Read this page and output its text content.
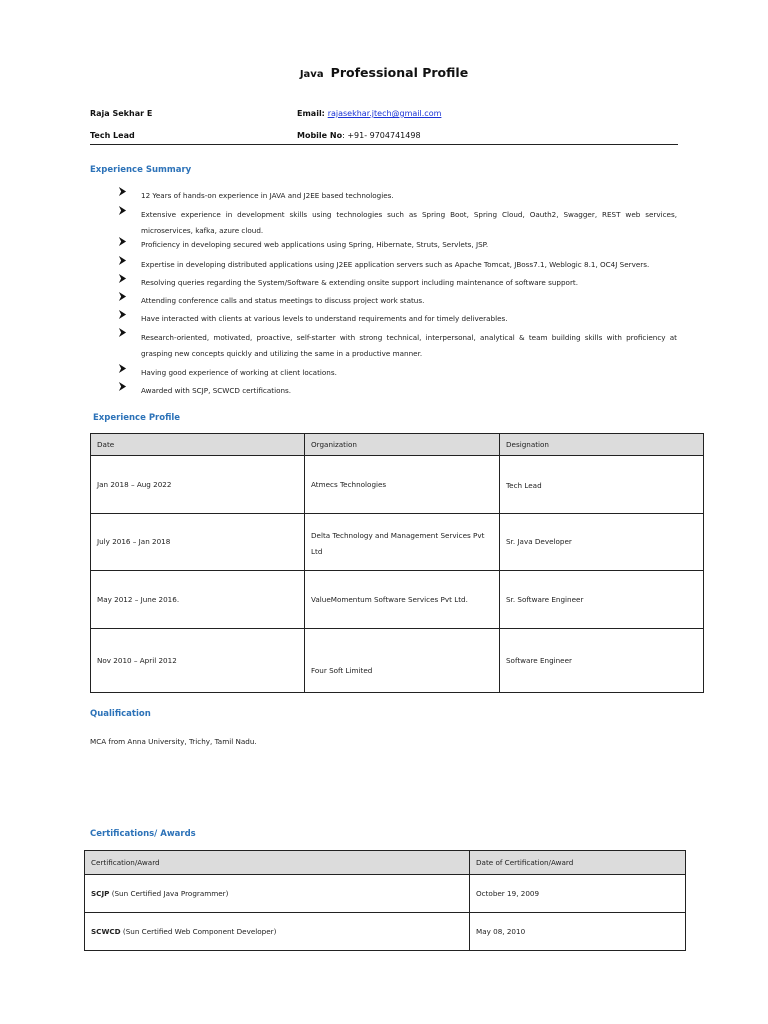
Java Professional Profile
Raja Sekhar E
Tech Lead
Email: rajasekhar.jtech@gmail.com
Mobile No: +91- 9704741498
Experience Summary
12 Years of hands-on experience in JAVA and J2EE based technologies.
Extensive experience in development skills using technologies such as Spring Boot, Spring Cloud, Oauth2, Swagger, REST web services, microservices, kafka, azure cloud.
Proficiency in developing secured web applications using Spring, Hibernate, Struts, Servlets, JSP.
Expertise in developing distributed applications using J2EE application servers such as Apache Tomcat, JBoss7.1, Weblogic 8.1, OC4J Servers.
Resolving queries regarding the System/Software & extending onsite support including maintenance of software support.
Attending conference calls and status meetings to discuss project work status.
Have interacted with clients at various levels to understand requirements and for timely deliverables.
Research-oriented, motivated, proactive, self-starter with strong technical, interpersonal, analytical & team building skills with proficiency at grasping new concepts quickly and utilizing the same in a productive manner.
Having good experience of working at client locations.
Awarded with SCJP, SCWCD certifications.
Experience Profile
Date	Organization	Designation
Jan 2018 – Aug 2022	Atmecs Technologies	Tech Lead
July 2016 – Jan 2018	Delta Technology and Management Services Pvt Ltd	Sr. Java Developer
May 2012 – June 2016.	ValueMomentum Software Services Pvt Ltd.	Sr. Software Engineer
Nov 2010 – April 2012	Four Soft Limited	Software Engineer
Qualification
MCA from Anna University, Trichy, Tamil Nadu.
Certifications/ Awards
Certification/Award	Date of Certification/Award
SCJP (Sun Certified Java Programmer)	October 19, 2009
SCWCD (Sun Certified Web Component Developer)	May 08, 2010
